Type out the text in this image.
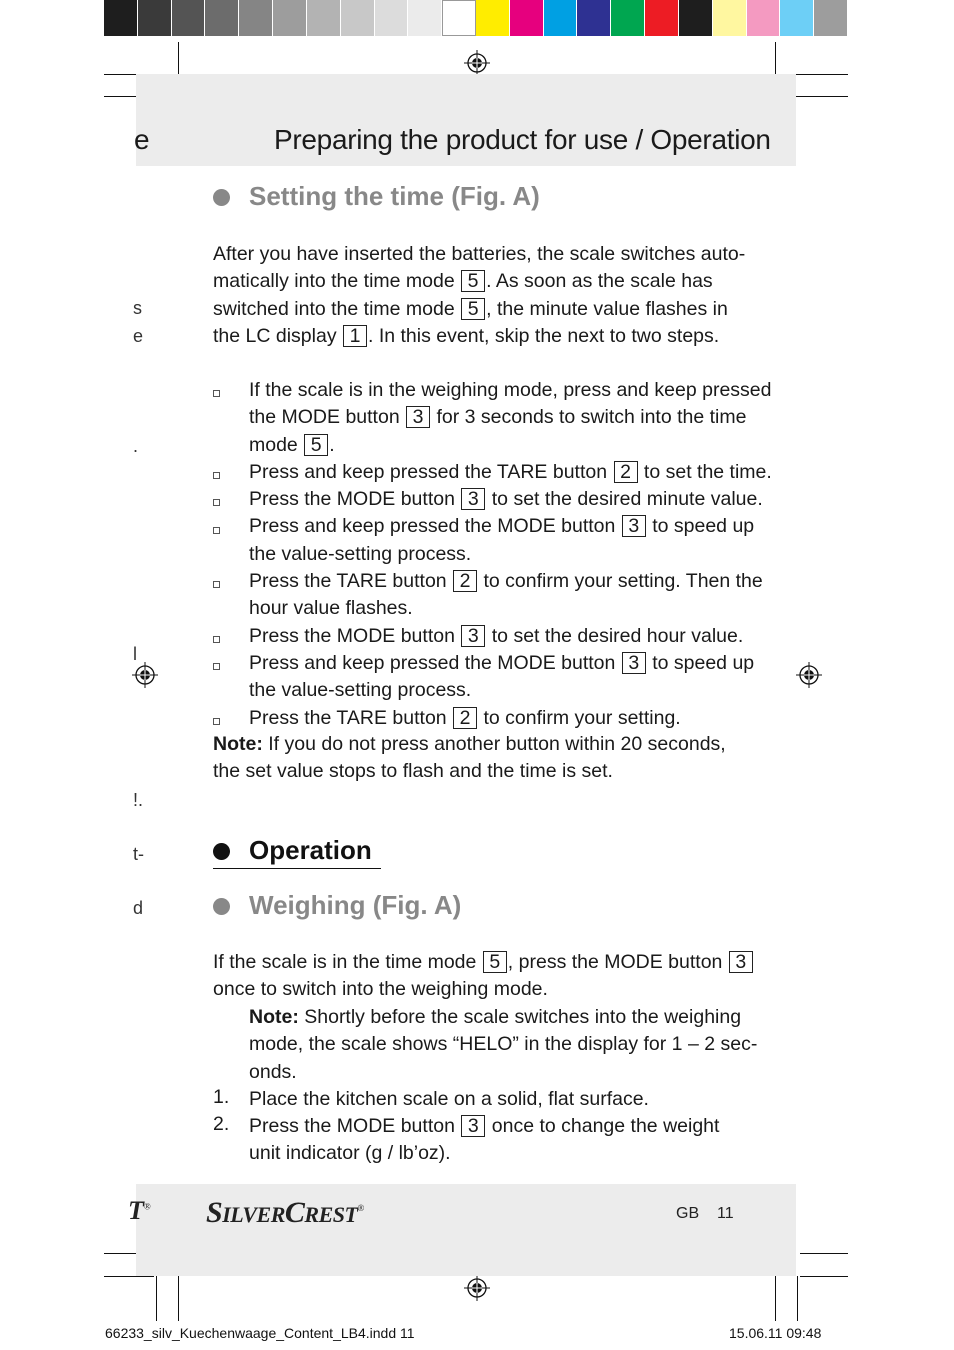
e	Preparing the product for use / Operation
s
e
.
l
!.
t-
d
Setting the time (Fig. A)
After you have inserted the batteries, the scale switches auto-
matically into the time mode 5 . As soon as the scale has
switched into the time mode 5 , the minute value flashes in
the LC display 1 . In this event, skip the next to two steps.
If the scale is in the weighing mode, press and keep pressed
the MODE button 3 for 3 seconds to switch into the time
mode 5 .
Press and keep pressed the TARE button 2 to set the time.
Press the MODE button 3 to set the desired minute value.
Press and keep pressed the MODE button 3 to speed up
the value-setting process.
Press the TARE button 2 to confirm your setting. Then the
hour value flashes.
Press the MODE button 3 to set the desired hour value.
Press and keep pressed the MODE button 3 to speed up
the value-setting process.
Press the TARE button 2 to confirm your setting.
Note: If you do not press another button within 20 seconds,
the set value stops to flash and the time is set.
Operation
Weighing (Fig. A)
If the scale is in the time mode 5 , press the MODE button 3
once to switch into the weighing mode.
Note: Shortly before the scale switches into the weighing
mode, the scale shows “HELO” in the display for 1 – 2 sec-
onds.
1. Place the kitchen scale on a solid, flat surface.
2. Press the MODE button 3 once to change the weight
unit indicator (g / lb’oz).
T® SILVERCREST®	GB 11
66233_silv_Kuechenwaage_Content_LB4.indd 11	15.06.11 09:48
